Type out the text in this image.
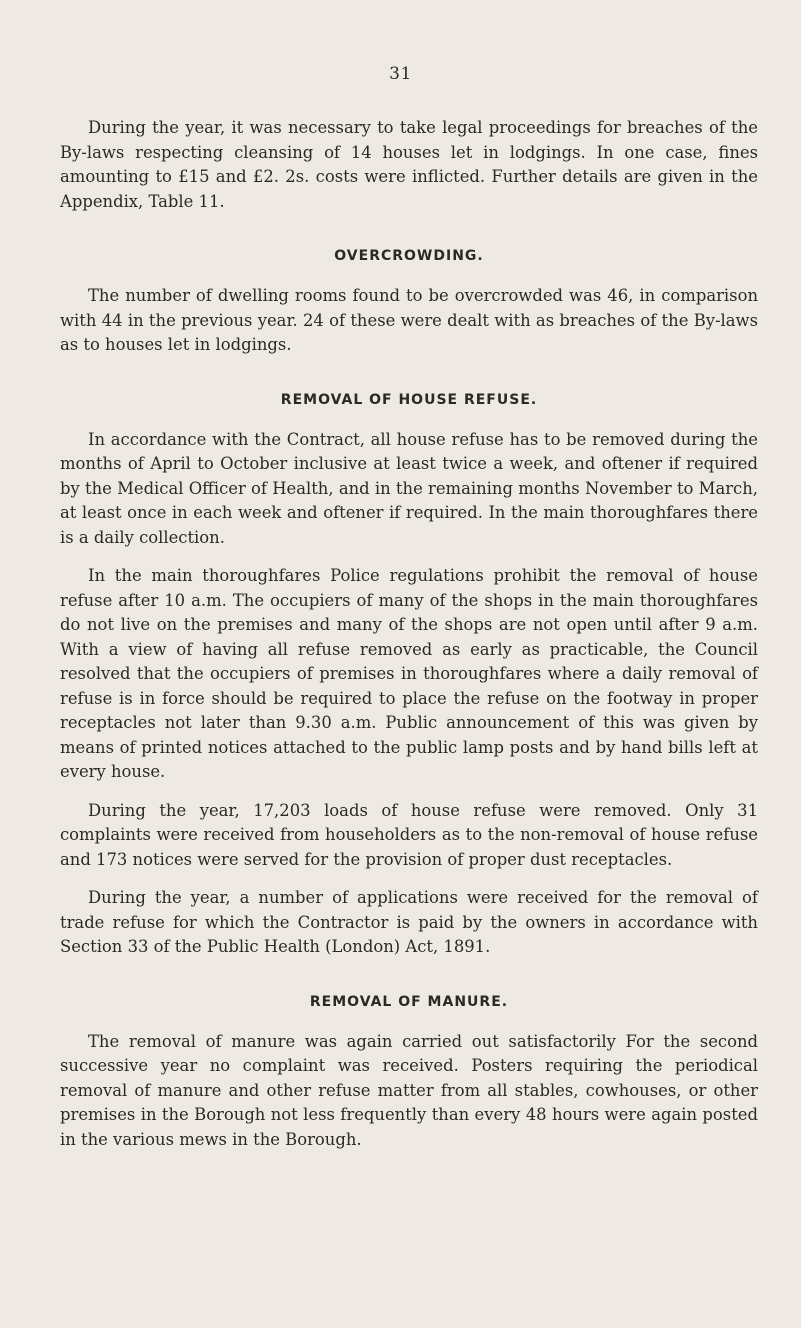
31

During the year, it was necessary to take legal proceedings for breaches of the By-laws respecting cleansing of 14 houses let in lodgings. In one case, fines amounting to £15 and £2. 2s. costs were inflicted. Further details are given in the Appendix, Table 11.

OVERCROWDING.

The number of dwelling rooms found to be overcrowded was 46, in comparison with 44 in the previous year. 24 of these were dealt with as breaches of the By-laws as to houses let in lodgings.

REMOVAL OF HOUSE REFUSE.

In accordance with the Contract, all house refuse has to be removed during the months of April to October inclusive at least twice a week, and oftener if required by the Medical Officer of Health, and in the remaining months November to March, at least once in each week and oftener if required. In the main thoroughfares there is a daily collection.

In the main thoroughfares Police regulations prohibit the removal of house refuse after 10 a.m. The occupiers of many of the shops in the main thoroughfares do not live on the premises and many of the shops are not open until after 9 a.m. With a view of having all refuse removed as early as practicable, the Council resolved that the occupiers of premises in thoroughfares where a daily removal of refuse is in force should be required to place the refuse on the footway in proper receptacles not later than 9.30 a.m. Public announcement of this was given by means of printed notices attached to the public lamp posts and by hand bills left at every house.

During the year, 17,203 loads of house refuse were removed. Only 31 complaints were received from householders as to the non-removal of house refuse and 173 notices were served for the provision of proper dust receptacles.

During the year, a number of applications were received for the removal of trade refuse for which the Contractor is paid by the owners in accordance with Section 33 of the Public Health (London) Act, 1891.

REMOVAL OF MANURE.

The removal of manure was again carried out satisfactorily For the second successive year no complaint was received. Posters requiring the periodical removal of manure and other refuse matter from all stables, cowhouses, or other premises in the Borough not less frequently than every 48 hours were again posted in the various mews in the Borough.
